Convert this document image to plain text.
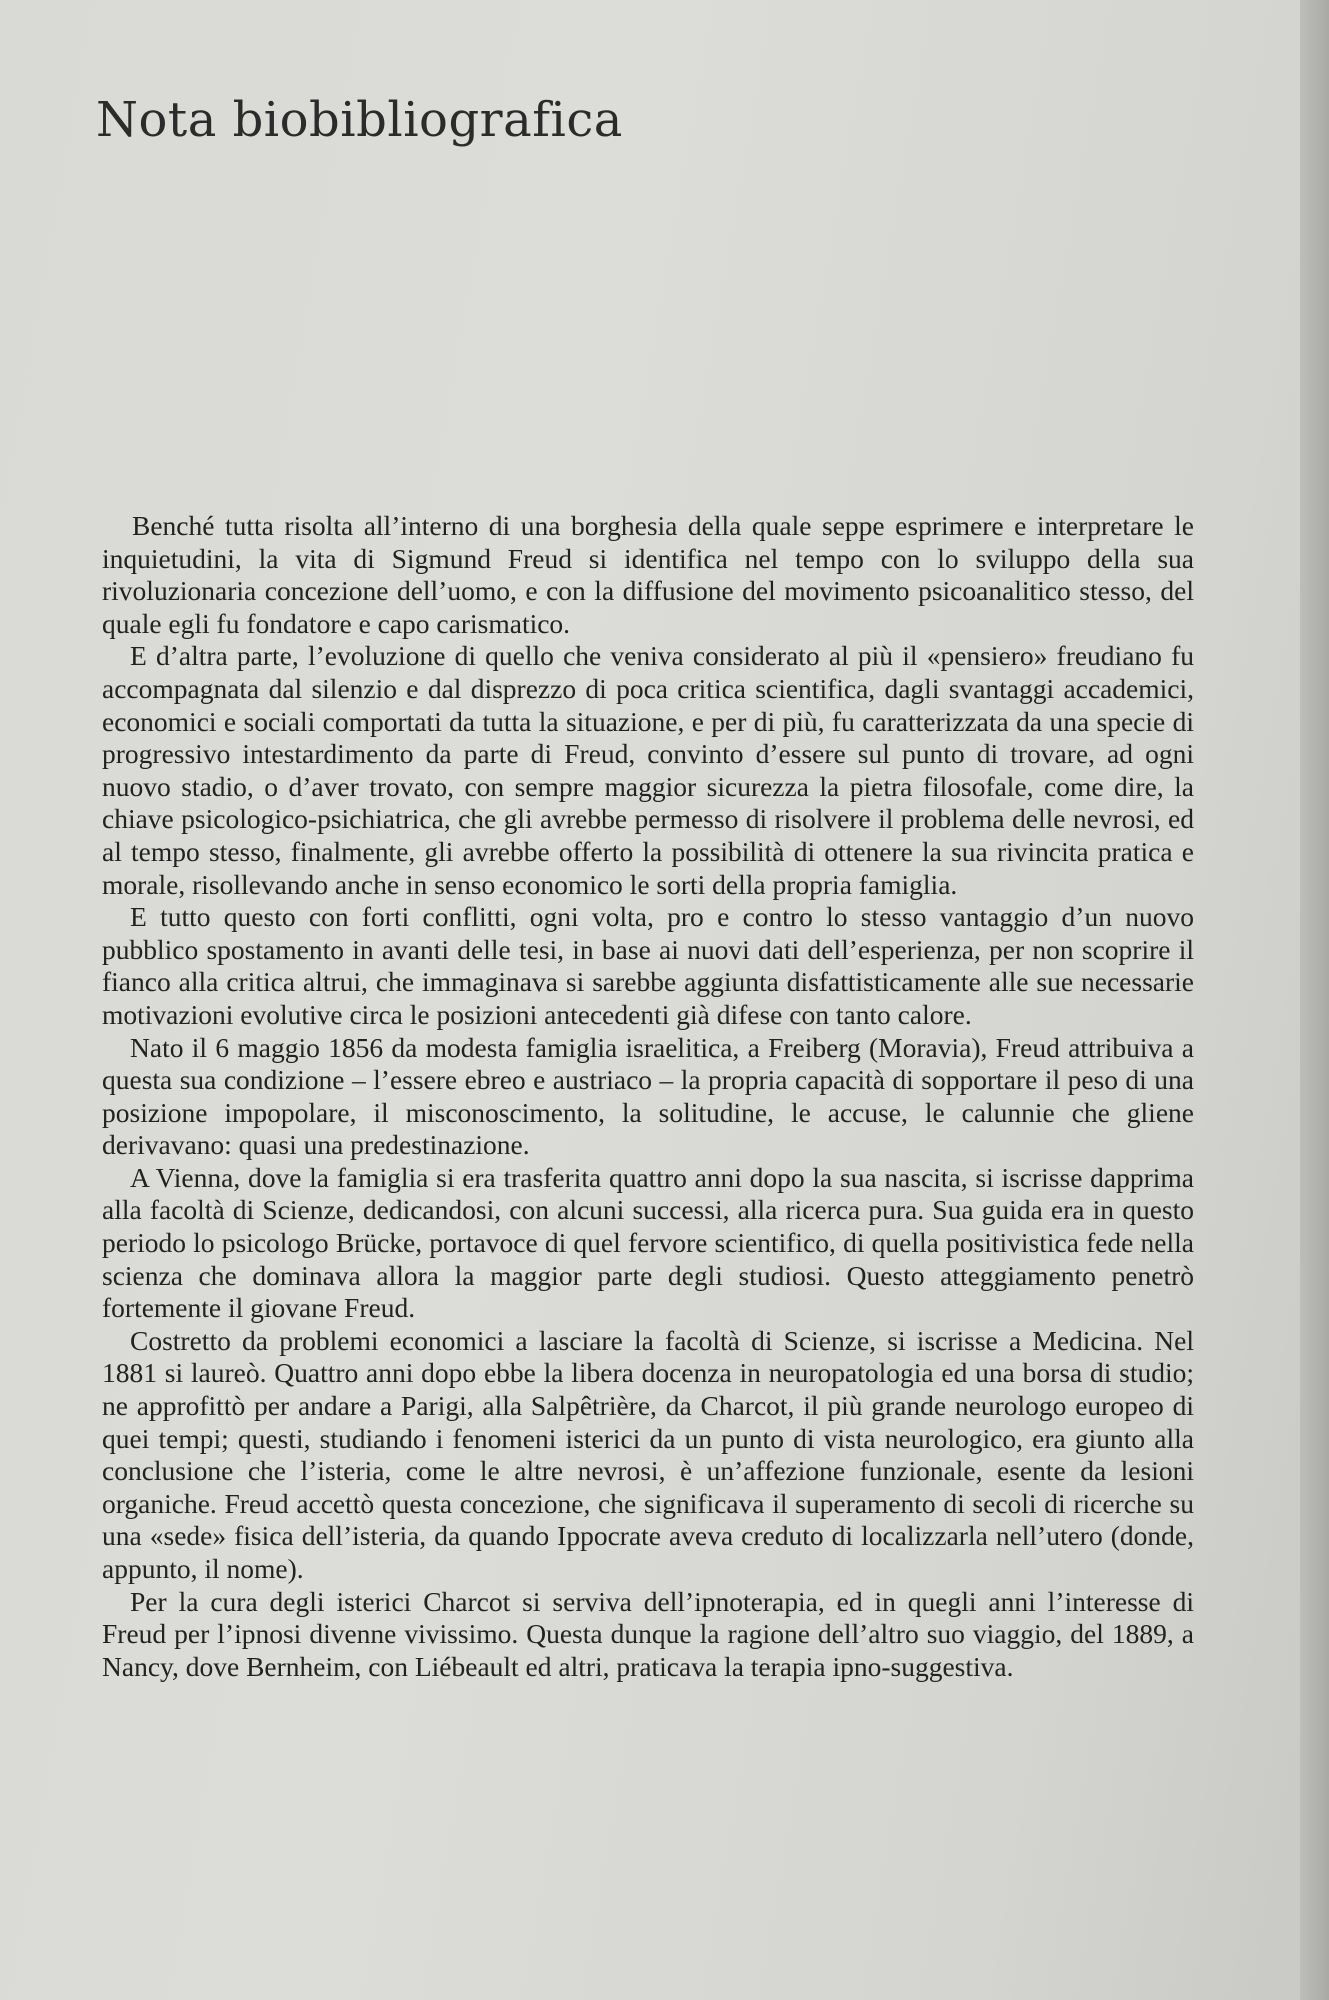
Nota biobibliografica

Benché tutta risolta all’interno di una borghesia della quale seppe esprimere e interpretare le inquietudini, la vita di Sigmund Freud si identifica nel tempo con lo sviluppo della sua rivoluzionaria concezione dell’uomo, e con la diffusione del movimento psicoanalitico stesso, del quale egli fu fondatore e capo carismatico.

E d’altra parte, l’evoluzione di quello che veniva considerato al più il «pensiero» freudiano fu accompagnata dal silenzio e dal disprezzo di poca critica scientifica, dagli svantaggi accademici, economici e sociali comportati da tutta la situazione, e per di più, fu caratterizzata da una specie di progressivo intestardimento da parte di Freud, convinto d’essere sul punto di trovare, ad ogni nuovo stadio, o d’aver trovato, con sempre maggior sicurezza la pietra filosofale, come dire, la chiave psicologico-psichiatrica, che gli avrebbe permesso di risolvere il problema delle nevrosi, ed al tempo stesso, finalmente, gli avrebbe offerto la possibilità di ottenere la sua rivincita pratica e morale, risollevando anche in senso economico le sorti della propria famiglia.

E tutto questo con forti conflitti, ogni volta, pro e contro lo stesso vantaggio d’un nuovo pubblico spostamento in avanti delle tesi, in base ai nuovi dati dell’esperienza, per non scoprire il fianco alla critica altrui, che immaginava si sarebbe aggiunta disfattisticamente alle sue necessarie motivazioni evolutive circa le posizioni antecedenti già difese con tanto calore.

Nato il 6 maggio 1856 da modesta famiglia israelitica, a Freiberg (Moravia), Freud attribuiva a questa sua condizione – l’essere ebreo e austriaco – la propria capacità di sopportare il peso di una posizione impopolare, il misconoscimento, la solitudine, le accuse, le calunnie che gliene derivavano: quasi una predestinazione.

A Vienna, dove la famiglia si era trasferita quattro anni dopo la sua nascita, si iscrisse dapprima alla facoltà di Scienze, dedicandosi, con alcuni successi, alla ricerca pura. Sua guida era in questo periodo lo psicologo Brücke, portavoce di quel fervore scientifico, di quella positivistica fede nella scienza che dominava allora la maggior parte degli studiosi. Questo atteggiamento penetrò fortemente il giovane Freud.

Costretto da problemi economici a lasciare la facoltà di Scienze, si iscrisse a Medicina. Nel 1881 si laureò. Quattro anni dopo ebbe la libera docenza in neuropatologia ed una borsa di studio; ne approfittò per andare a Parigi, alla Salpêtrière, da Charcot, il più grande neurologo europeo di quei tempi; questi, studiando i fenomeni isterici da un punto di vista neurologico, era giunto alla conclusione che l’isteria, come le altre nevrosi, è un’affezione funzionale, esente da lesioni organiche. Freud accettò questa concezione, che significava il superamento di secoli di ricerche su una «sede» fisica dell’isteria, da quando Ippocrate aveva creduto di localizzarla nell’utero (donde, appunto, il nome).

Per la cura degli isterici Charcot si serviva dell’ipnoterapia, ed in quegli anni l’interesse di Freud per l’ipnosi divenne vivissimo. Questa dunque la ragione dell’altro suo viaggio, del 1889, a Nancy, dove Bernheim, con Liébeault ed altri, praticava la terapia ipno-suggestiva.
